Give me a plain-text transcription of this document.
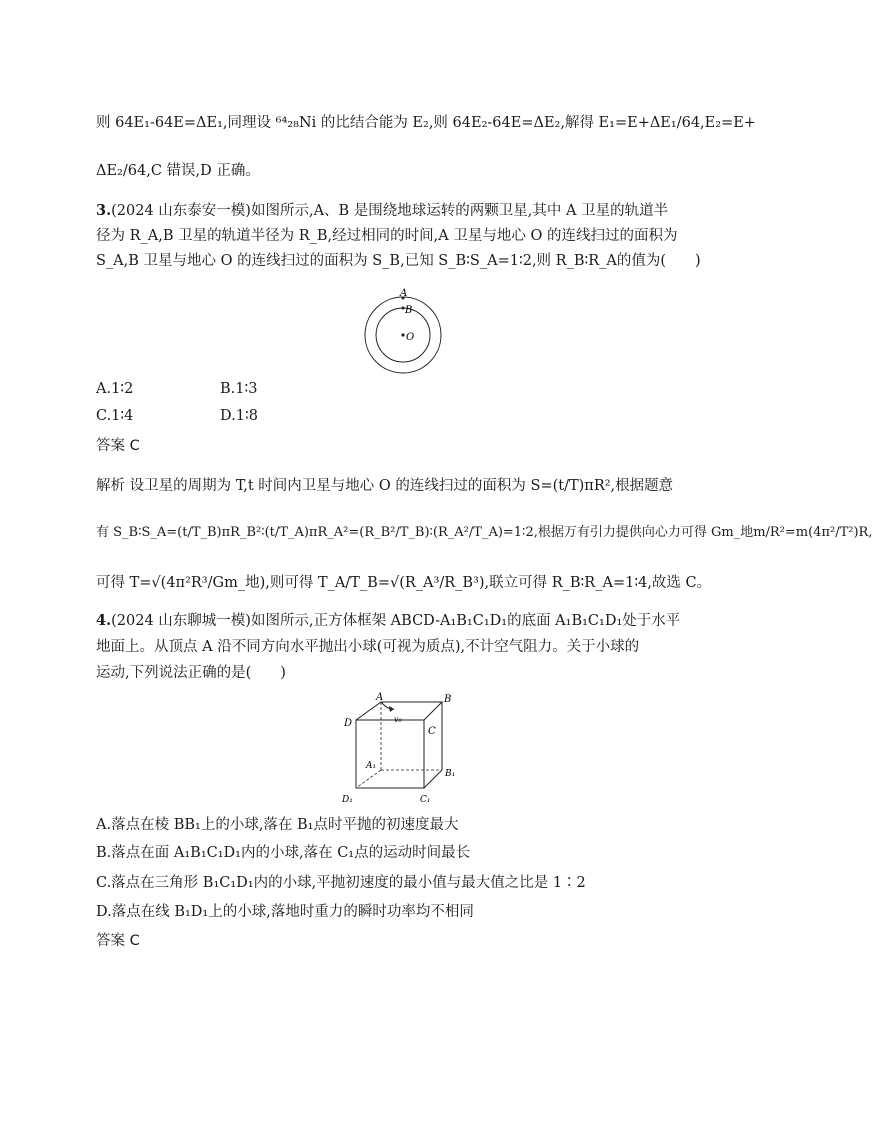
则 64E₁-64E=ΔE₁,同理设 ⁶⁴₂₈Ni 的比结合能为 E₂,则 64E₂-64E=ΔE₂,解得 E₁=E+ΔE₁/64,E₂=E+
ΔE₂/64,C 错误,D 正确。
3.(2024 山东泰安一模)如图所示,A、B 是围绕地球运转的两颗卫星,其中 A 卫星的轨道半
径为 R_A,B 卫星的轨道半径为 R_B,经过相同的时间,A 卫星与地心 O 的连线扫过的面积为
S_A,B 卫星与地心 O 的连线扫过的面积为 S_B,已知 S_B∶S_A=1∶2,则 R_B∶R_A的值为(　　)
A
B
O
A.1∶2	B.1∶3
C.1∶4	D.1∶8
答案 C
解析 设卫星的周期为 T,t 时间内卫星与地心 O 的连线扫过的面积为 S=(t/T)πR²,根据题意
有 S_B∶S_A=(t/T_B)πR_B²∶(t/T_A)πR_A²=(R_B²/T_B)∶(R_A²/T_A)=1∶2,根据万有引力提供向心力可得 Gm_地m/R²=m(4π²/T²)R,
可得 T=√(4π²R³/Gm_地),则可得 T_A/T_B=√(R_A³/R_B³),联立可得 R_B∶R_A=1∶4,故选 C。
4.(2024 山东聊城一模)如图所示,正方体框架 ABCD-A₁B₁C₁D₁的底面 A₁B₁C₁D₁处于水平
地面上。从顶点 A 沿不同方向水平抛出小球(可视为质点),不计空气阻力。关于小球的
运动,下列说法正确的是(　　)
A	B
C
D
A₁
B₁
C₁
D₁
v₀
A.落点在棱 BB₁上的小球,落在 B₁点时平抛的初速度最大
B.落点在面 A₁B₁C₁D₁内的小球,落在 C₁点的运动时间最长
C.落点在三角形 B₁C₁D₁内的小球,平抛初速度的最小值与最大值之比是 1∶2
D.落点在线 B₁D₁上的小球,落地时重力的瞬时功率均不相同
答案 C
